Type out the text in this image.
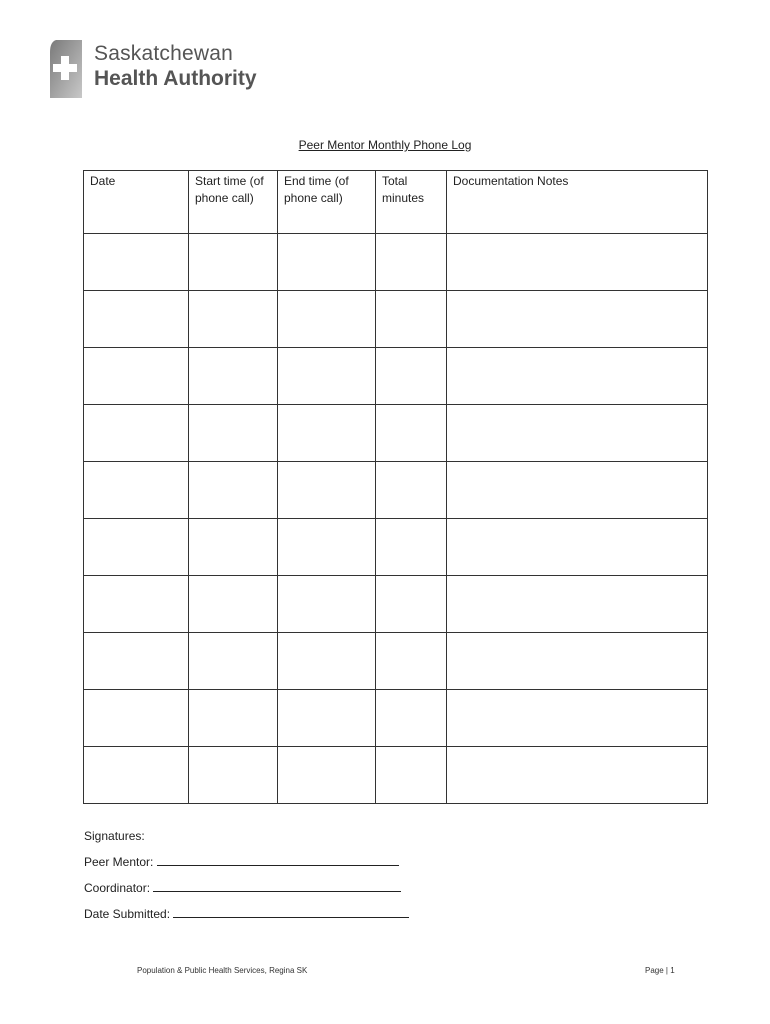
Saskatchewan
Health Authority
Peer Mentor Monthly Phone Log
Date	Start time (of phone call)	End time (of phone call)	Total minutes	Documentation Notes

Signatures:
Peer Mentor:
Coordinator:
Date Submitted:
Population & Public Health Services, Regina SK	Page | 1
